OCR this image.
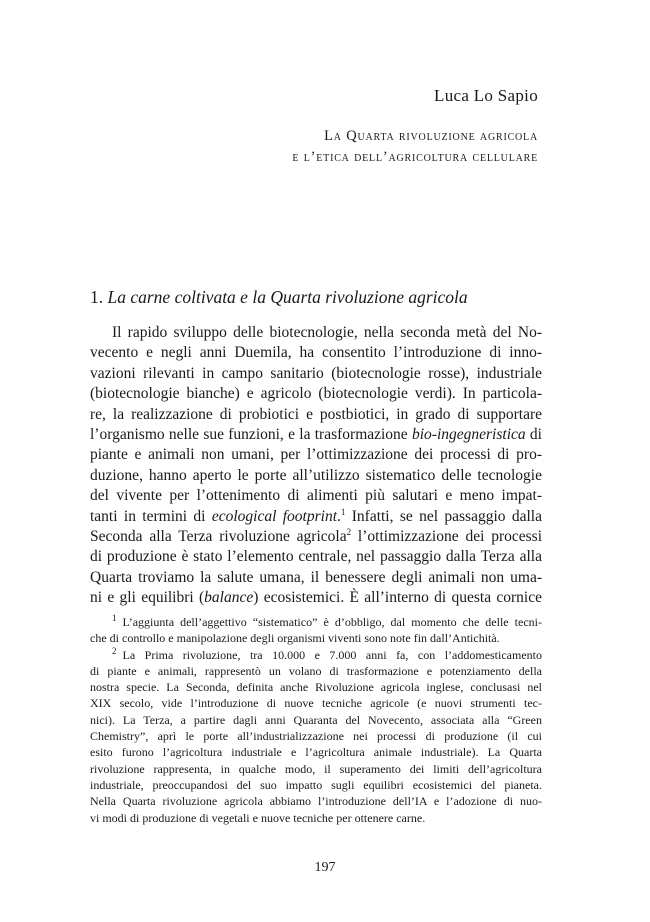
Luca Lo Sapio
La Quarta rivoluzione agricola
e l’etica dell’agricoltura cellulare
1. La carne coltivata e la Quarta rivoluzione agricola
Il rapido sviluppo delle biotecnologie, nella seconda metà del No-
vecento e negli anni Duemila, ha consentito l’introduzione di inno-
vazioni rilevanti in campo sanitario (biotecnologie rosse), industriale
(biotecnologie bianche) e agricolo (biotecnologie verdi). In particola-
re, la realizzazione di probiotici e postbiotici, in grado di supportare
l’organismo nelle sue funzioni, e la trasformazione bio-ingegneristica di
piante e animali non umani, per l’ottimizzazione dei processi di pro-
duzione, hanno aperto le porte all’utilizzo sistematico delle tecnologie
del vivente per l’ottenimento di alimenti più salutari e meno impat-
tanti in termini di ecological footprint.$^1$ Infatti, se nel passaggio dalla
Seconda alla Terza rivoluzione agricola$^2$ l’ottimizzazione dei processi
di produzione è stato l’elemento centrale, nel passaggio dalla Terza alla
Quarta troviamo la salute umana, il benessere degli animali non uma-
ni e gli equilibri (balance) ecosistemici. È all’interno di questa cornice
$^1$ L’aggiunta dell’aggettivo “sistematico” è d’obbligo, dal momento che delle tecni-
che di controllo e manipolazione degli organismi viventi sono note fin dall’Antichità.
$^2$ La Prima rivoluzione, tra 10.000 e 7.000 anni fa, con l’addomesticamento
di piante e animali, rappresentò un volano di trasformazione e potenziamento della
nostra specie. La Seconda, definita anche Rivoluzione agricola inglese, conclusasi nel
XIX secolo, vide l’introduzione di nuove tecniche agricole (e nuovi strumenti tec-
nici). La Terza, a partire dagli anni Quaranta del Novecento, associata alla “Green
Chemistry”, aprì le porte all’industrializzazione nei processi di produzione (il cui
esito furono l’agricoltura industriale e l’agricoltura animale industriale). La Quarta
rivoluzione rappresenta, in qualche modo, il superamento dei limiti dell’agricoltura
industriale, preoccupandosi del suo impatto sugli equilibri ecosistemici del pianeta.
Nella Quarta rivoluzione agricola abbiamo l’introduzione dell’IA e l’adozione di nuo-
vi modi di produzione di vegetali e nuove tecniche per ottenere carne.
197
